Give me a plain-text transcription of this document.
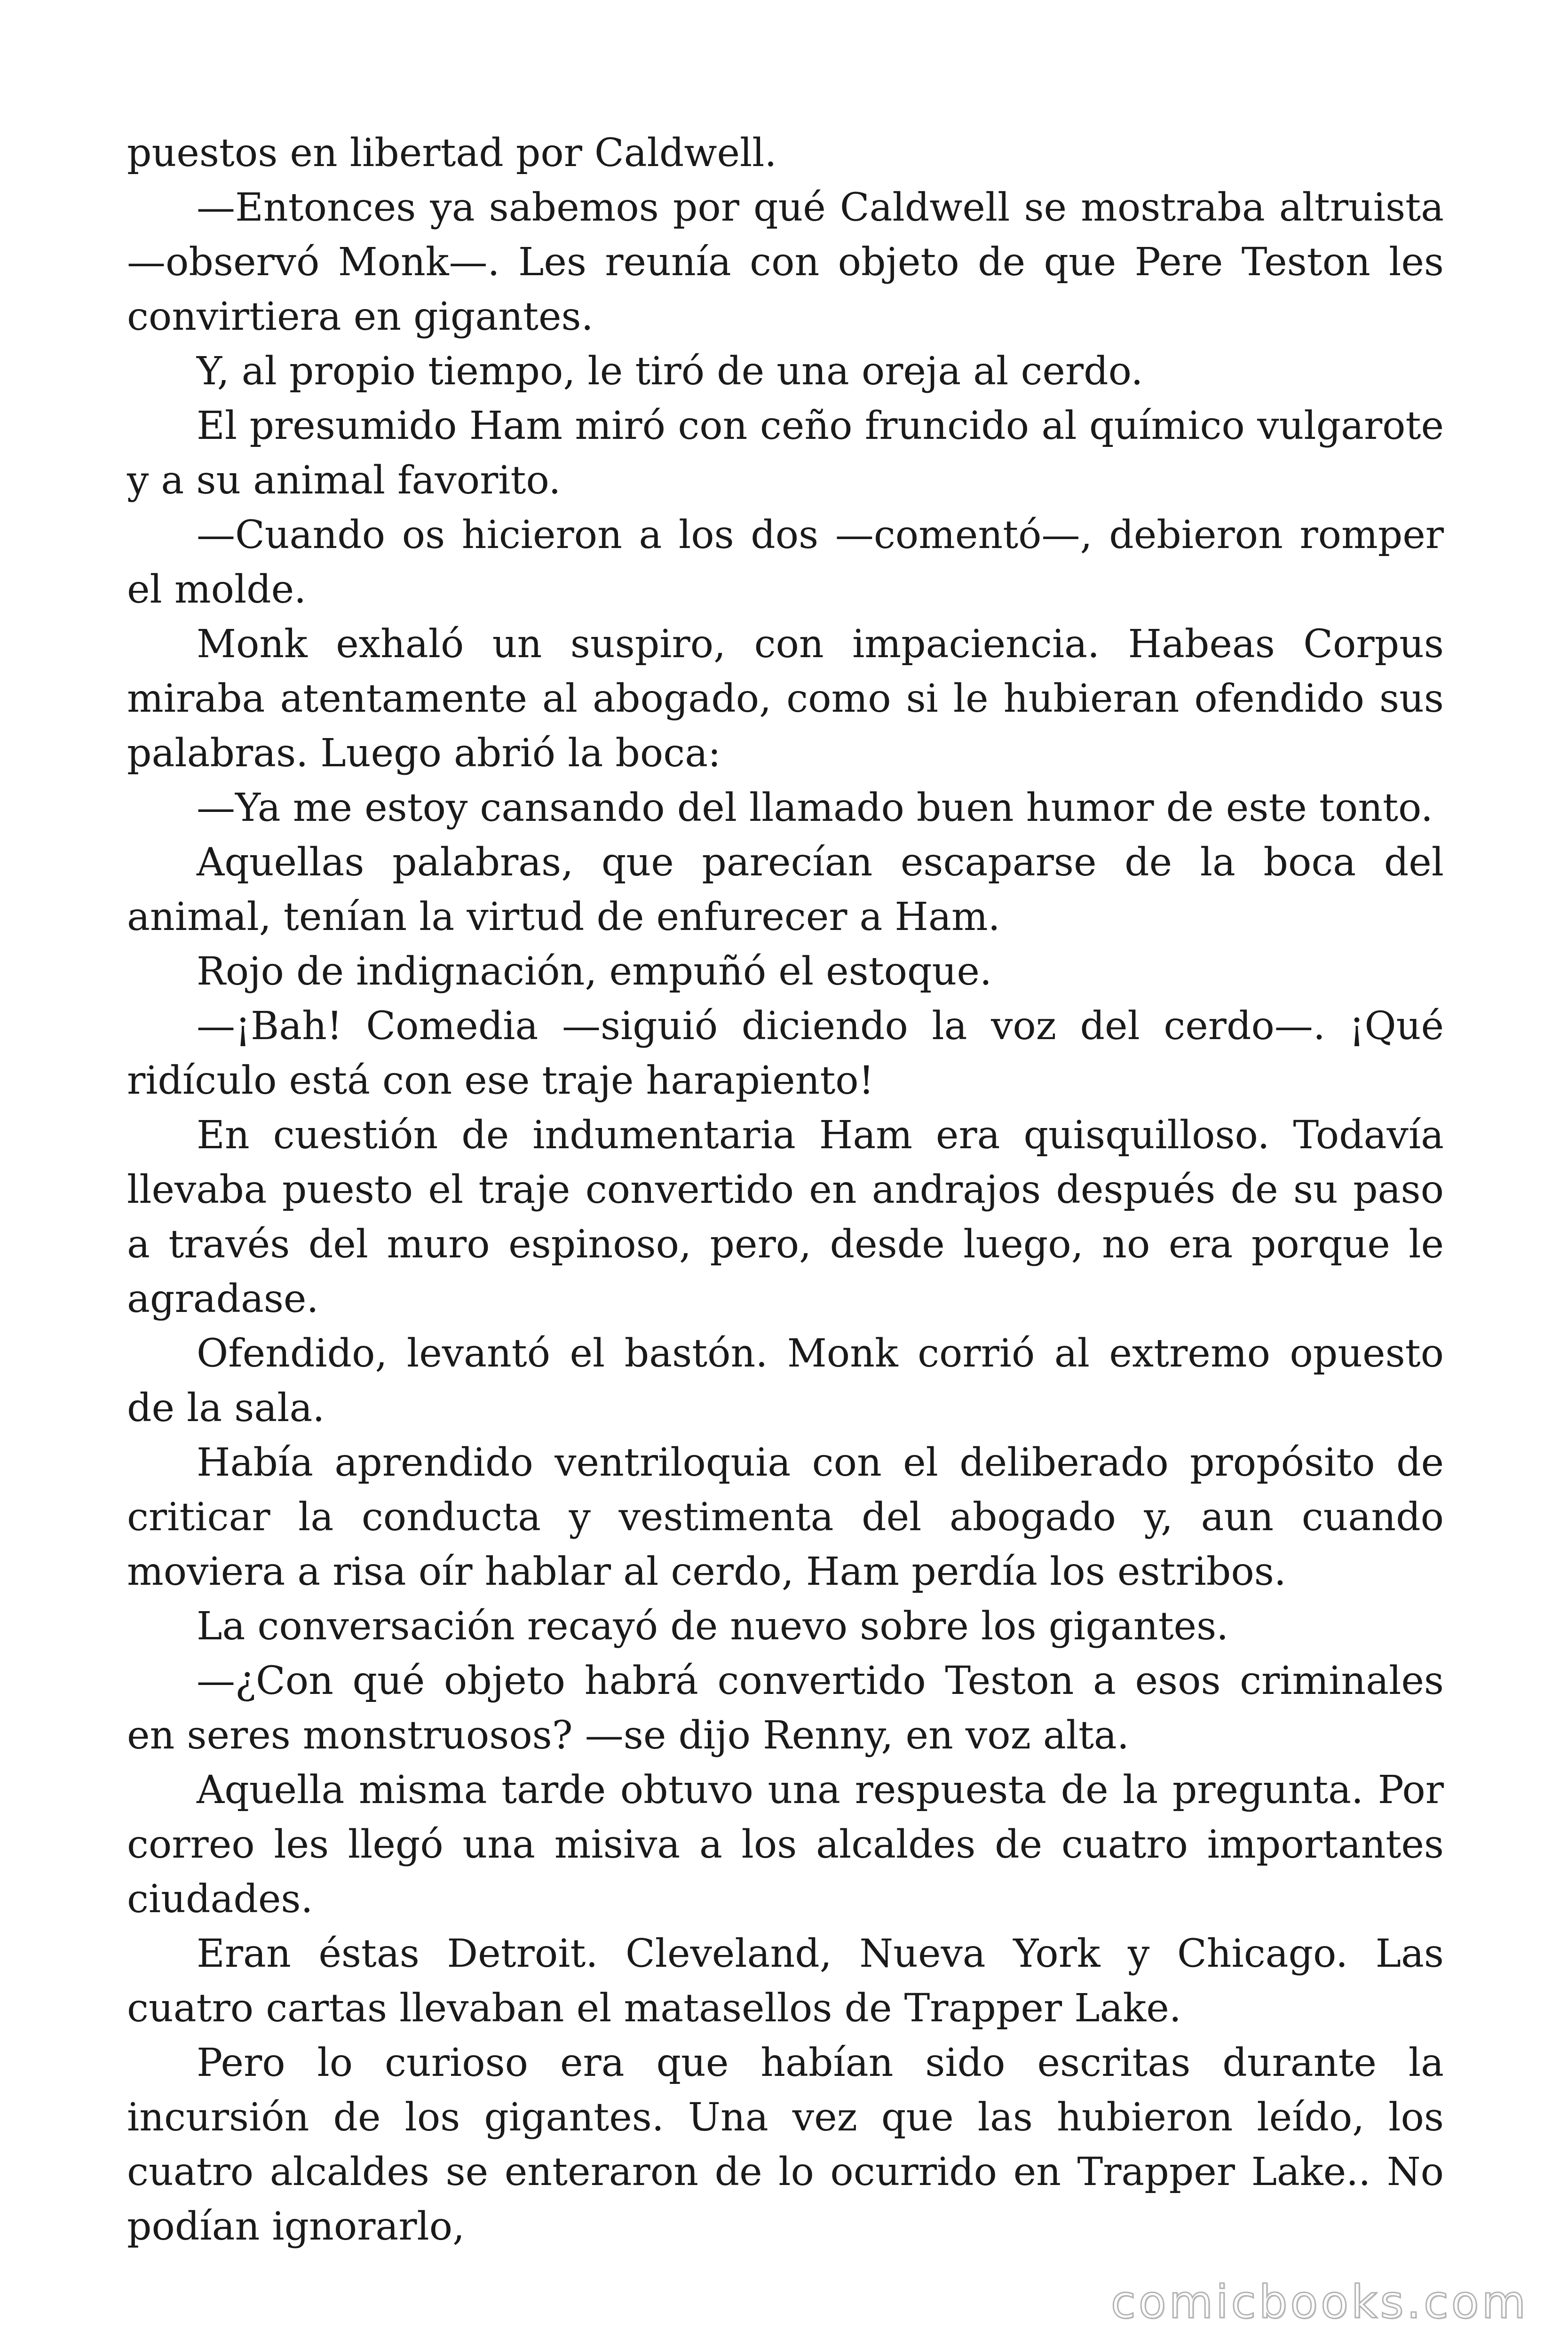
puestos en libertad por Caldwell.

—Entonces ya sabemos por qué Caldwell se mostraba altruista —observó Monk—. Les reunía con objeto de que Pere Teston les convirtiera en gigantes.

Y, al propio tiempo, le tiró de una oreja al cerdo.

El presumido Ham miró con ceño fruncido al químico vulgarote y a su animal favorito.

—Cuando os hicieron a los dos —comentó—, debieron romper el molde.

Monk exhaló un suspiro, con impaciencia. Habeas Corpus miraba atentamente al abogado, como si le hubieran ofendido sus palabras. Luego abrió la boca:

—Ya me estoy cansando del llamado buen humor de este tonto.

Aquellas palabras, que parecían escaparse de la boca del animal, tenían la virtud de enfurecer a Ham.

Rojo de indignación, empuñó el estoque.

—¡Bah! Comedia —siguió diciendo la voz del cerdo—. ¡Qué ridículo está con ese traje harapiento!

En cuestión de indumentaria Ham era quisquilloso. Todavía llevaba puesto el traje convertido en andrajos después de su paso a través del muro espinoso, pero, desde luego, no era porque le agradase.

Ofendido, levantó el bastón. Monk corrió al extremo opuesto de la sala.

Había aprendido ventriloquia con el deliberado propósito de criticar la conducta y vestimenta del abogado y, aun cuando moviera a risa oír hablar al cerdo, Ham perdía los estribos.

La conversación recayó de nuevo sobre los gigantes.

—¿Con qué objeto habrá convertido Teston a esos criminales en seres monstruosos? —se dijo Renny, en voz alta.

Aquella misma tarde obtuvo una respuesta de la pregunta. Por correo les llegó una misiva a los alcaldes de cuatro importantes ciudades.

Eran éstas Detroit. Cleveland, Nueva York y Chicago. Las cuatro cartas llevaban el matasellos de Trapper Lake.

Pero lo curioso era que habían sido escritas durante la incursión de los gigantes. Una vez que las hubieron leído, los cuatro alcaldes se enteraron de lo ocurrido en Trapper Lake.. No podían ignorarlo,

comicbooks.com
